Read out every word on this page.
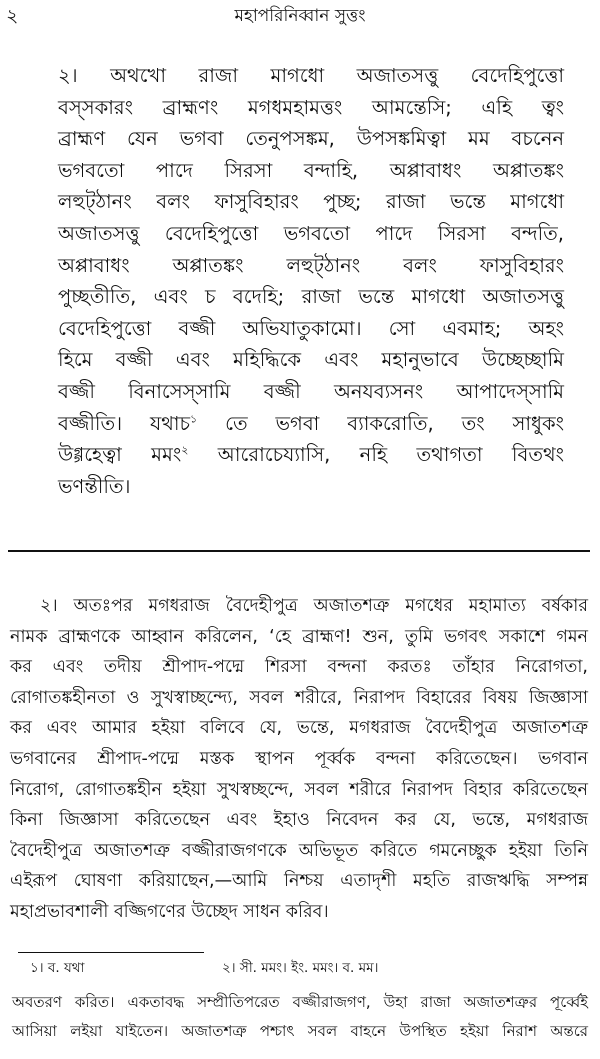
২	মহাপরিনিব্বান সুত্তং
২। অথখো রাজা মাগধো অজাতসত্তু বেদেহিপুত্তো
বস্সকারং ব্রাহ্মণং মগধমহামত্তং আমন্তেসি; এহি ত্বং
ব্রাহ্মণ যেন ভগবা তেনুপসঙ্কম, উপসঙ্কমিত্বা মম বচনেন
ভগবতো পাদে সিরসা বন্দাহি, অপ্পাবাধং অপ্পাতঙ্কং
লহুট্ঠানং বলং ফাসুবিহারং পুচ্ছ; রাজা ভন্তে মাগধো
অজাতসত্তু বেদেহিপুত্তো ভগবতো পাদে সিরসা বন্দতি,
অপ্পাবাধং অপ্পাতঙ্কং লহুট্ঠানং বলং ফাসুবিহারং
পুচ্ছতীতি, এবং চ বদেহি; রাজা ভন্তে মাগধো অজাতসত্তু
বেদেহিপুত্তো বজ্জী অভিযাতুকামো। সো এবমাহ; অহং
হিমে বজ্জী এবং মহিদ্ধিকে এবং মহানুভাবে উচ্ছেচ্ছামি
বজ্জী বিনাসেস্সামি বজ্জী অনযব্যসনং আপাদেস্সামি
বজ্জীতি। যথাচ$^১$ তে ভগবা ব্যাকরোতি, তং সাধুকং
উগ্গহেত্বা মমং$^২$ আরোচেয্যাসি, নহি তথাগতা বিতথং
ভণন্তীতি।
২। অতঃপর মগধরাজ বৈদেহীপুত্র অজাতশত্রু মগধের মহামাত্য বর্ষকার
নামক ব্রাহ্মণকে আহ্বান করিলেন, ‘হে ব্রাহ্মণ! শুন, তুমি ভগবৎ সকাশে গমন
কর এবং তদীয় শ্রীপাদ-পদ্মে শিরসা বন্দনা করতঃ তাঁহার নিরোগতা,
রোগাতঙ্কহীনতা ও সুখস্বাচ্ছন্দ্যে, সবল শরীরে, নিরাপদ বিহারের বিষয় জিজ্ঞাসা
কর এবং আমার হইয়া বলিবে যে, ভন্তে, মগধরাজ বৈদেহীপুত্র অজাতশত্রু
ভগবানের শ্রীপাদ-পদ্মে মস্তক স্থাপন পূর্ব্বক বন্দনা করিতেছেন। ভগবান
নিরোগ, রোগাতঙ্কহীন হইয়া সুখস্বচ্ছন্দে, সবল শরীরে নিরাপদ বিহার করিতেছেন
কিনা জিজ্ঞাসা করিতেছেন এবং ইহাও নিবেদন কর যে, ভন্তে, মগধরাজ
বৈদেহীপুত্র অজাতশত্রু বজ্জীরাজগণকে অভিভূত করিতে গমনেচ্ছুক হইয়া তিনি
এইরূপ ঘোষণা করিয়াছেন,—আমি নিশ্চয় এতাদৃশী মহতি রাজঋদ্ধি সম্পন্ন
মহাপ্রভাবশালী বজ্জিগণের উচ্ছেদ সাধন করিব।
১। ব. যথা	২। সী. মমং। ইং. মমং। ব. মম।
অবতরণ করিত। একতাবদ্ধ সম্প্রীতিপরেত বজ্জীরাজগণ, উহা রাজা অজাতশত্রুর পূর্ব্বেই
আসিয়া লইয়া যাইতেন। অজাতশত্রু পশ্চাৎ সবল বাহনে উপস্থিত হইয়া নিরাশ অন্তরে
